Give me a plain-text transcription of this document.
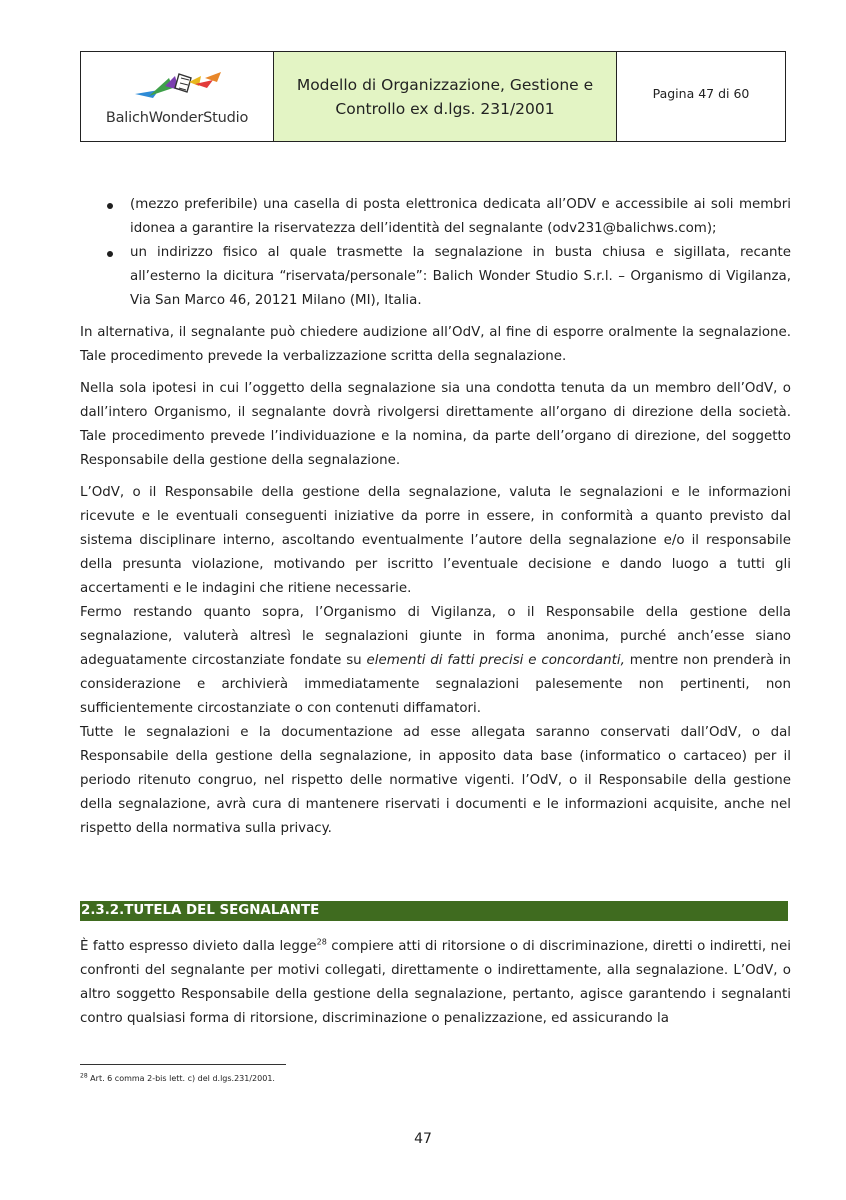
BalichWonderStudio
Modello di Organizzazione, Gestione e
Controllo ex d.lgs. 231/2001
Pagina 47 di 60
(mezzo preferibile) una casella di posta elettronica dedicata all’ODV e accessibile ai soli membri idonea a garantire la riservatezza dell’identità del segnalante (odv231@balichws.com);
un indirizzo fisico al quale trasmette la segnalazione in busta chiusa e sigillata, recante all’esterno la dicitura “riservata/personale”: Balich Wonder Studio S.r.l. – Organismo di Vigilanza, Via San Marco 46, 20121 Milano (MI), Italia.

In alternativa, il segnalante può chiedere audizione all’OdV, al fine di esporre oralmente la segnalazione. Tale procedimento prevede la verbalizzazione scritta della segnalazione.

Nella sola ipotesi in cui l’oggetto della segnalazione sia una condotta tenuta da un membro dell’OdV, o dall’intero Organismo, il segnalante dovrà rivolgersi direttamente all’organo di direzione della società. Tale procedimento prevede l’individuazione e la nomina, da parte dell’organo di direzione, del soggetto Responsabile della gestione della segnalazione.

L’OdV, o il Responsabile della gestione della segnalazione, valuta le segnalazioni e le informazioni ricevute e le eventuali conseguenti iniziative da porre in essere, in conformità a quanto previsto dal sistema disciplinare interno, ascoltando eventualmente l’autore della segnalazione e/o il responsabile della presunta violazione, motivando per iscritto l’eventuale decisione e dando luogo a tutti gli accertamenti e le indagini che ritiene necessarie.

Fermo restando quanto sopra, l’Organismo di Vigilanza, o il Responsabile della gestione della segnalazione, valuterà altresì le segnalazioni giunte in forma anonima, purché anch’esse siano adeguatamente circostanziate fondate su elementi di fatti precisi e concordanti, mentre non prenderà in considerazione e archivierà immediatamente segnalazioni palesemente non pertinenti, non sufficientemente circostanziate o con contenuti diffamatori.

Tutte le segnalazioni e la documentazione ad esse allegata saranno conservati dall’OdV, o dal Responsabile della gestione della segnalazione, in apposito data base (informatico o cartaceo) per il periodo ritenuto congruo, nel rispetto delle normative vigenti. l’OdV, o il Responsabile della gestione della segnalazione, avrà cura di mantenere riservati i documenti e le informazioni acquisite, anche nel rispetto della normativa sulla privacy.

2.3.2.TUTELA DEL SEGNALANTE

È fatto espresso divieto dalla legge$^{28}$ compiere atti di ritorsione o di discriminazione, diretti o indiretti, nei confronti del segnalante per motivi collegati, direttamente o indirettamente, alla segnalazione. L’OdV, o altro soggetto Responsabile della gestione della segnalazione, pertanto, agisce garantendo i segnalanti contro qualsiasi forma di ritorsione, discriminazione o penalizzazione, ed assicurando la

$^{28}$ Art. 6 comma 2-bis lett. c) del d.lgs.231/2001.
47
